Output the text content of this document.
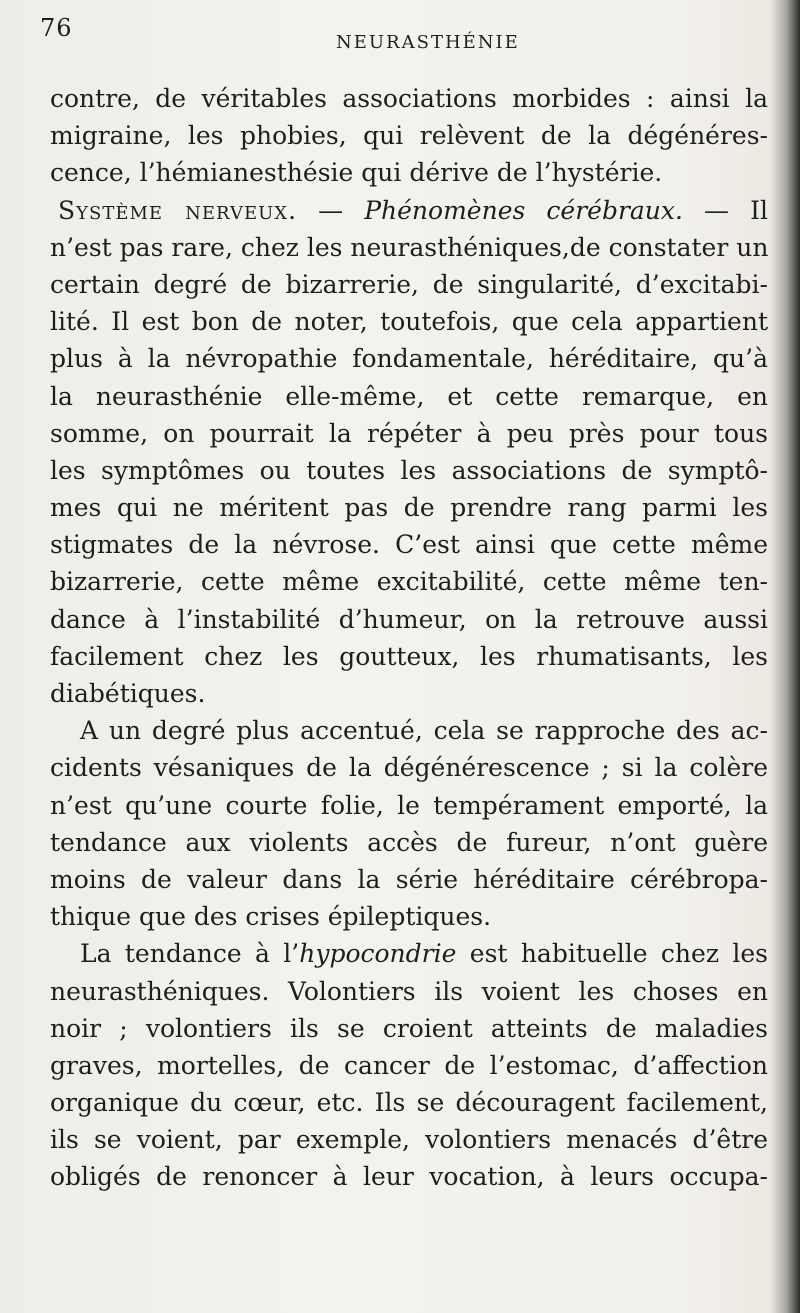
76
NEURASTHÉNIE
contre, de véritables associations morbides : ainsi la
migraine, les phobies, qui relèvent de la dégénéres-
cence, l’hémianesthésie qui dérive de l’hystérie.
Système nerveux. — Phénomènes cérébraux. — Il
n’est pas rare, chez les neurasthéniques,de constater un
certain degré de bizarrerie, de singularité, d’excitabi-
lité. Il est bon de noter, toutefois, que cela appartient
plus à la névropathie fondamentale, héréditaire, qu’à
la neurasthénie elle-même, et cette remarque, en
somme, on pourrait la répéter à peu près pour tous
les symptômes ou toutes les associations de symptô-
mes qui ne méritent pas de prendre rang parmi les
stigmates de la névrose. C’est ainsi que cette même
bizarrerie, cette même excitabilité, cette même ten-
dance à l’instabilité d’humeur, on la retrouve aussi
facilement chez les goutteux, les rhumatisants, les
diabétiques.
A un degré plus accentué, cela se rapproche des ac-
cidents vésaniques de la dégénérescence ; si la colère
n’est qu’une courte folie, le tempérament emporté, la
tendance aux violents accès de fureur, n’ont guère
moins de valeur dans la série héréditaire cérébropa-
thique que des crises épileptiques.
La tendance à l’hypocondrie est habituelle chez les
neurasthéniques. Volontiers ils voient les choses en
noir ; volontiers ils se croient atteints de maladies
graves, mortelles, de cancer de l’estomac, d’affection
organique du cœur, etc. Ils se découragent facilement,
ils se voient, par exemple, volontiers menacés d’être
obligés de renoncer à leur vocation, à leurs occupa-
